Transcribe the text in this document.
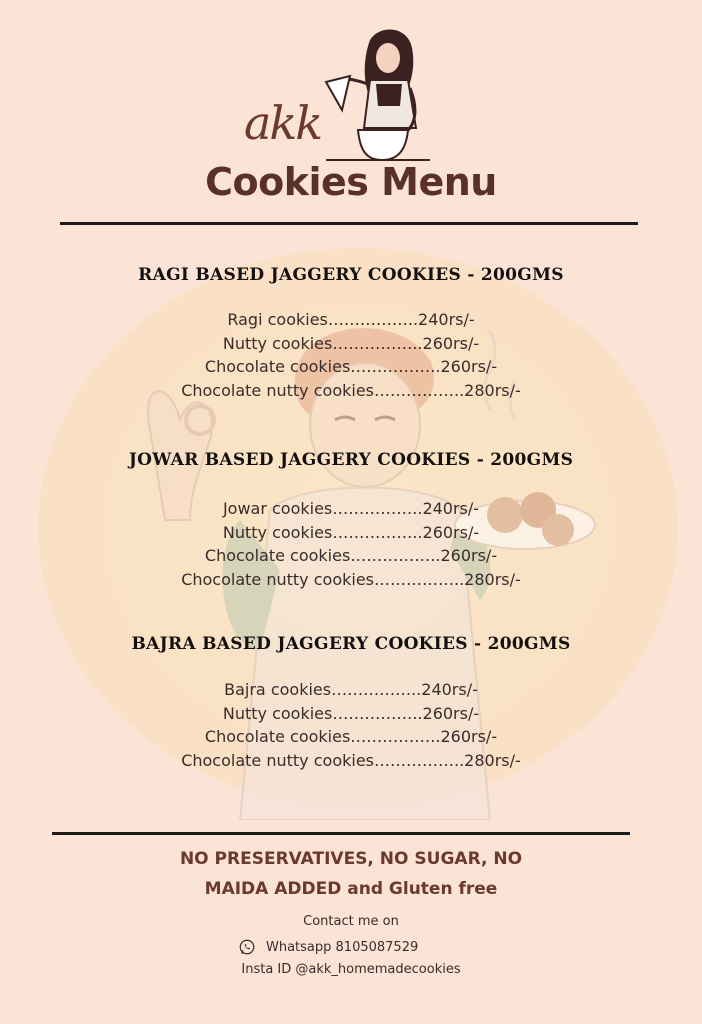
akk
Cookies Menu
RAGI BASED JAGGERY COOKIES - 200GMS
Ragi cookies……………..240rs/-
Nutty cookies……………..260rs/-
Chocolate cookies……………..260rs/-
Chocolate nutty cookies……………..280rs/-
JOWAR BASED JAGGERY COOKIES - 200GMS
Jowar cookies……………..240rs/-
Nutty cookies……………..260rs/-
Chocolate cookies……………..260rs/-
Chocolate nutty cookies……………..280rs/-
BAJRA BASED JAGGERY COOKIES - 200GMS
Bajra cookies……………..240rs/-
Nutty cookies……………..260rs/-
Chocolate cookies……………..260rs/-
Chocolate nutty cookies……………..280rs/-
NO PRESERVATIVES, NO SUGAR, NO
MAIDA ADDED and Gluten free
Contact me on
Whatsapp 8105087529
Insta ID @akk_homemadecookies
